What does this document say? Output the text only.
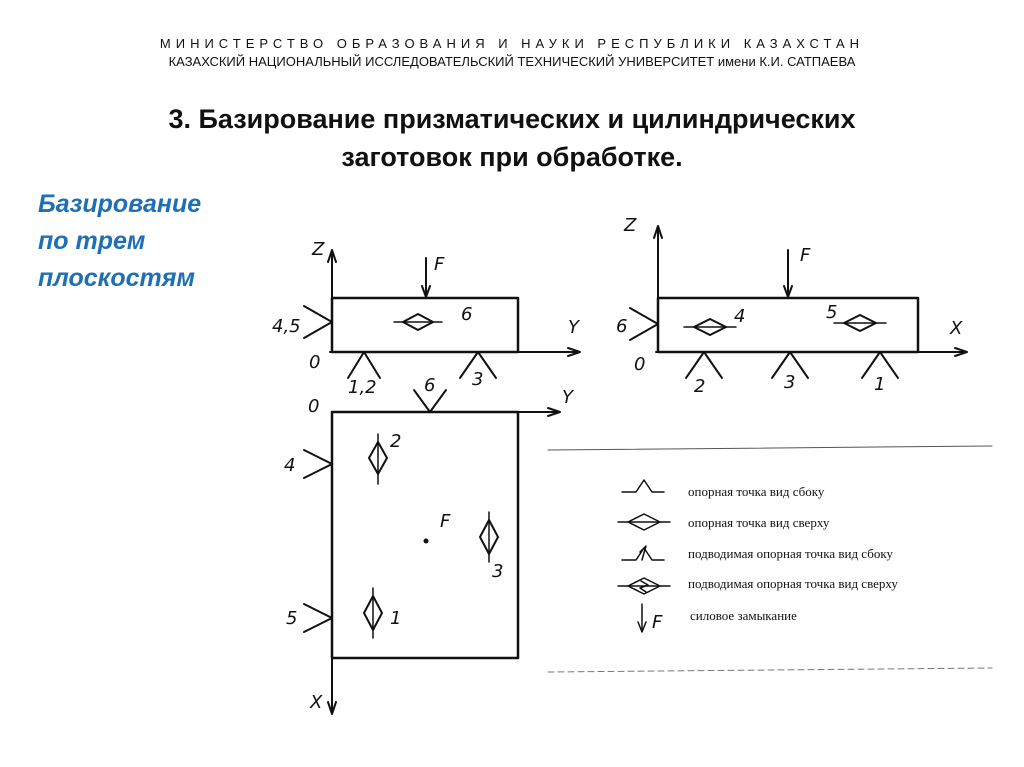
МИНИСТЕРСТВО ОБРАЗОВАНИЯ И НАУКИ РЕСПУБЛИКИ КАЗАХСТАН
КАЗАХСКИЙ НАЦИОНАЛЬНЫЙ ИССЛЕДОВАТЕЛЬСКИЙ ТЕХНИЧЕСКИЙ УНИВЕРСИТЕТ имени К.И. САТПАЕВА
3. Базирование призматических и цилиндрических
заготовок при обработке.
Базирование
по трем
плоскостям
Z
Y
0
F
4,5
6
1,2	3
0	Y
X
6
4
5
2
3
1
F
Z
X
0
F
6	4	5
2	3	1
опорная точка вид сбоку
опорная точка вид сверху
подводимая опорная точка вид сбоку
подводимая опорная точка вид сверху
силовое замыкание
F
